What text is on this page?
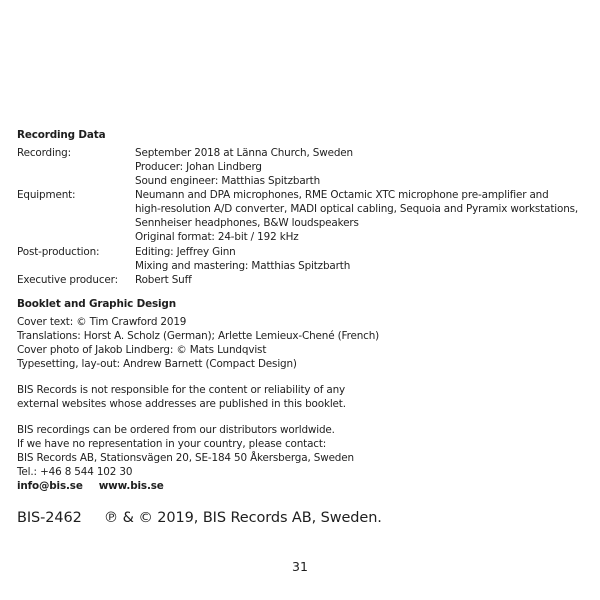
Recording Data
Recording:	September 2018 at Länna Church, Sweden
Producer: Johan Lindberg
Sound engineer: Matthias Spitzbarth
Equipment:	Neumann and DPA microphones, RME Octamic XTC microphone pre-amplifier and
high-resolution A/D converter, MADI optical cabling, Sequoia and Pyramix workstations,
Sennheiser headphones, B&W loudspeakers
Original format: 24-bit / 192 kHz
Post-production:	Editing: Jeffrey Ginn
Mixing and mastering: Matthias Spitzbarth
Executive producer: Robert Suff
Booklet and Graphic Design
Cover text: © Tim Crawford 2019
Translations: Horst A. Scholz (German); Arlette Lemieux-Chené (French)
Cover photo of Jakob Lindberg: © Mats Lundqvist
Typesetting, lay-out: Andrew Barnett (Compact Design)
BIS Records is not responsible for the content or reliability of any
external websites whose addresses are published in this booklet.
BIS recordings can be ordered from our distributors worldwide.
If we have no representation in your country, please contact:
BIS Records AB, Stationsvägen 20, SE-184 50 Åkersberga, Sweden
Tel.: +46 8 544 102 30
info@bis.se www.bis.se
BIS-2462 ℗ & © 2019, BIS Records AB, Sweden.
31
